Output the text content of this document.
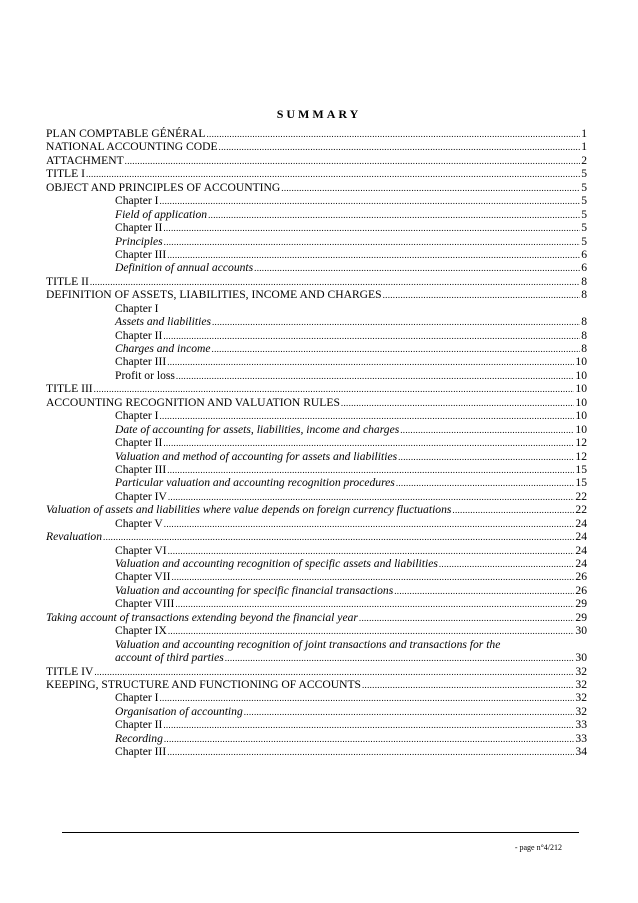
SUMMARY
PLAN COMPTABLE GÉNÉRAL .....	1
NATIONAL ACCOUNTING CODE .....	1
ATTACHMENT .....	2
TITLE I .....	5
OBJECT AND PRINCIPLES OF ACCOUNTING .....	5
Chapter I .....	5
Field of application .....	5
Chapter II .....	5
Principles .....	5
Chapter III .....	6
Definition of annual accounts .....	6
TITLE II .....	8
DEFINITION OF ASSETS, LIABILITIES, INCOME AND CHARGES .....	8
Chapter I
Assets and liabilities .....	8
Chapter II .....	8
Charges and income .....	8
Chapter III .....	10
Profit or loss .....	10
TITLE III .....	10
ACCOUNTING RECOGNITION AND VALUATION RULES .....	10
Chapter I .....	10
Date of accounting for assets, liabilities, income and charges .....	10
Chapter II .....	12
Valuation and method of accounting for assets and liabilities .....	12
Chapter III .....	15
Particular valuation and accounting recognition procedures .....	15
Chapter IV .....	22
Valuation of assets and liabilities where value depends on foreign currency fluctuations .....	22
Chapter V .....	24
Revaluation .....	24
Chapter VI .....	24
Valuation and accounting recognition of specific assets and liabilities .....	24
Chapter VII .....	26
Valuation and accounting for specific financial transactions .....	26
Chapter VIII .....	29
Taking account of transactions extending beyond the financial year .....	29
Chapter IX .....	30
Valuation and accounting recognition of joint transactions and transactions for the
account of third parties .....	30
TITLE IV .....	32
KEEPING, STRUCTURE AND FUNCTIONING OF ACCOUNTS .....	32
Chapter I .....	32
Organisation of accounting .....	32
Chapter II .....	33
Recording .....	33
Chapter III .....	34
- page n°4/212
